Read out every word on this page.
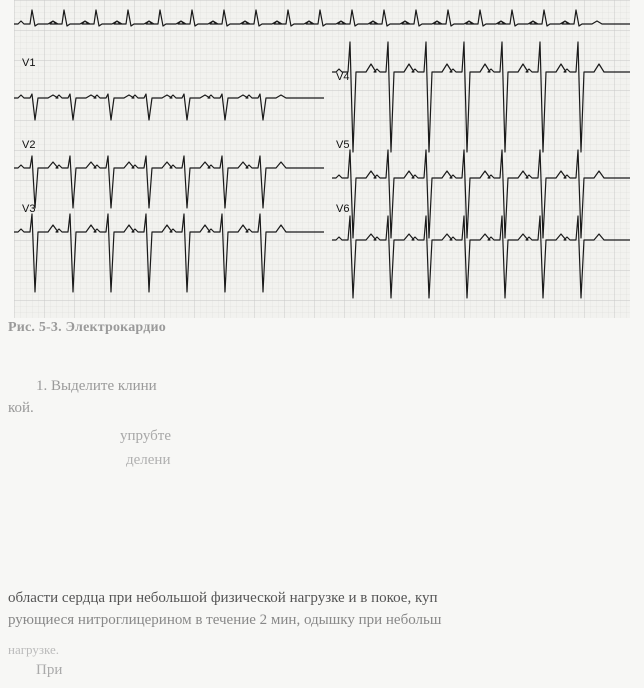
V1
V2
V3
V4
V5
V6
Рис. 5-3. Электрокардио
1. Выделите клини
кой.
упрубте
делени
области сердца при небольшой физической нагрузке и в покое, куп
рующиеся нитроглицерином в течение 2 мин, одышку при небольш
нагрузке.
При
